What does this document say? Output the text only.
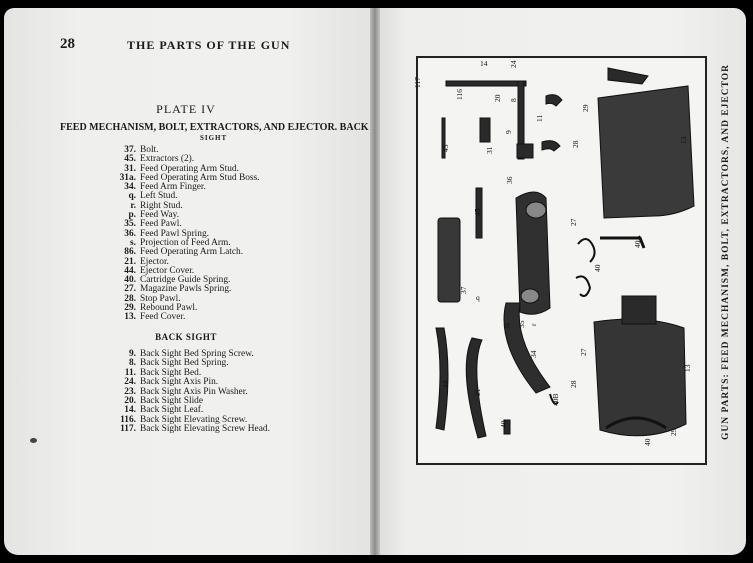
28	THE PARTS OF THE GUN
PLATE IV
FEED MECHANISM, BOLT, EXTRACTORS, AND EJECTOR. BACK
SIGHT
37. Bolt.
45. Extractors (2).
31. Feed Operating Arm Stud.
31a. Feed Operating Arm Stud Boss.
34. Feed Arm Finger.
q. Left Stud.
r. Right Stud.
p. Feed Way.
35. Feed Pawl.
36. Feed Pawl Spring.
s. Projection of Feed Arm.
86. Feed Operating Arm Latch.
21. Ejector.
44. Ejector Cover.
40. Cartridge Guide Spring.
27. Magazine Pawls Spring.
28. Stop Pawl.
29. Rebound Pawl.
13. Feed Cover.
BACK SIGHT
9. Back Sight Bed Spring Screw.
8. Back Sight Bed Spring.
11. Back Sight Bed.
24. Back Sight Axis Pin.
23. Back Sight Axis Pin Washer.
20. Back Sight Slide
14. Back Sight Leaf.
116. Back Sight Elevating Screw.
117. Back Sight Elevating Screw Head.
117
14	24
116	20 8
11
29
9
31
28
45
36
37
q
27
40
40A
13
45
34
35
36 r
44
21
40
27
28
40B
13
29
40
GUN PARTS: FEED MECHANISM, BOLT, EXTRACTORS, AND EJECTOR
